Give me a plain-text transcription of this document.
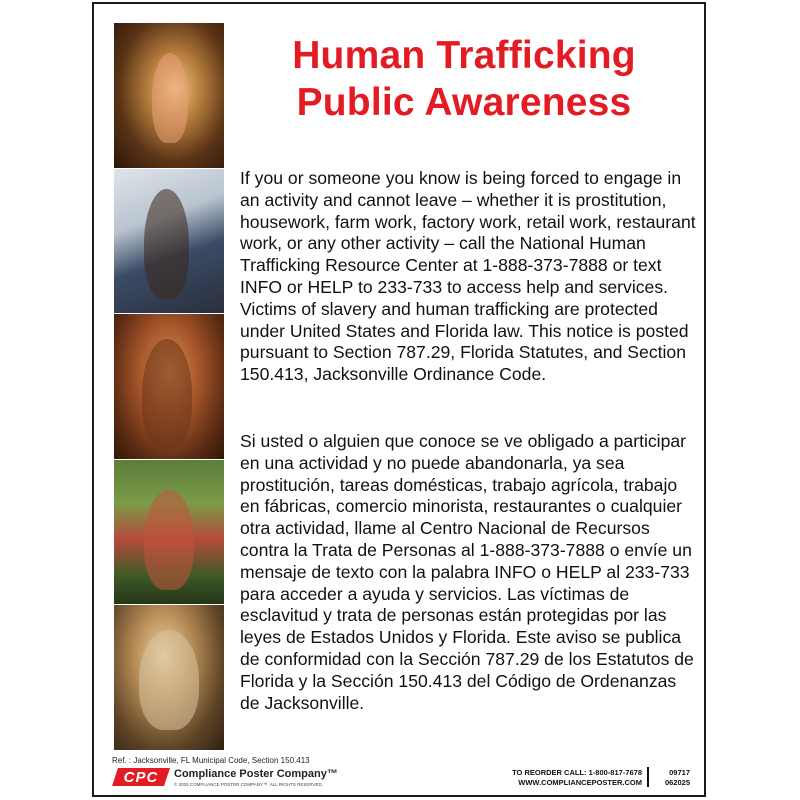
Human Trafficking
Public Awareness

If you or someone you know is being forced to engage in an activity and cannot leave – whether it is prostitution, housework, farm work, factory work, retail work, restaurant work, or any other activity – call the National Human Trafficking Resource Center at 1-888-373-7888 or text INFO or HELP to 233-733 to access help and services. Victims of slavery and human trafficking are protected under United States and Florida law. This notice is posted pursuant to Section 787.29, Florida Statutes, and Section 150.413, Jacksonville Ordinance Code.

Si usted o alguien que conoce se ve obligado a participar en una actividad y no puede abandonarla, ya sea prostitución, tareas domésticas, trabajo agrícola, trabajo en fábricas, comercio minorista, restaurantes o cualquier otra actividad, llame al Centro Nacional de Recursos contra la Trata de Personas al 1-888-373-7888 o envíe un mensaje de texto con la palabra INFO o HELP al 233-733 para acceder a ayuda y servicios. Las víctimas de esclavitud y trata de personas están protegidas por las leyes de Estados Unidos y Florida. Este aviso se publica de conformidad con la Sección 787.29 de los Estatutos de Florida y la Sección 150.413 del Código de Ordenanzas de Jacksonville.

Ref. : Jacksonville, FL Municipal Code, Section 150.413
CPC Compliance Poster Company™
© 2025 COMPLIANCE POSTER COMPANY™. ALL RIGHTS RESERVED.
TO REORDER CALL: 1-800-817-7678
WWW.COMPLIANCEPOSTER.COM
09717
062025
